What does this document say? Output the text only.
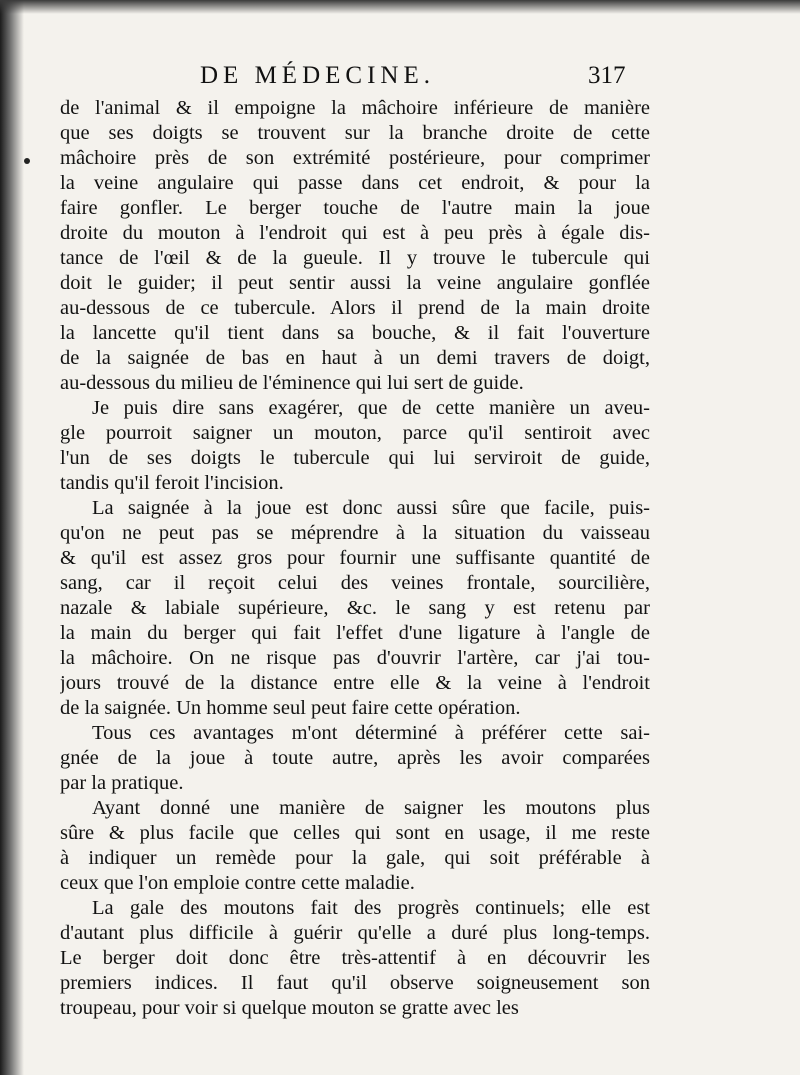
DE MÉDECINE.	317
de l'animal & il empoigne la mâchoire inférieure de manière
que ses doigts se trouvent sur la branche droite de cette
mâchoire près de son extrémité postérieure, pour comprimer
la veine angulaire qui passe dans cet endroit, & pour la
faire gonfler. Le berger touche de l'autre main la joue
droite du mouton à l'endroit qui est à peu près à égale dis-
tance de l'œil & de la gueule. Il y trouve le tubercule qui
doit le guider; il peut sentir aussi la veine angulaire gonflée
au-dessous de ce tubercule. Alors il prend de la main droite
la lancette qu'il tient dans sa bouche, & il fait l'ouverture
de la saignée de bas en haut à un demi travers de doigt,
au-dessous du milieu de l'éminence qui lui sert de guide.
Je puis dire sans exagérer, que de cette manière un aveu-
gle pourroit saigner un mouton, parce qu'il sentiroit avec
l'un de ses doigts le tubercule qui lui serviroit de guide,
tandis qu'il feroit l'incision.
La saignée à la joue est donc aussi sûre que facile, puis-
qu'on ne peut pas se méprendre à la situation du vaisseau
& qu'il est assez gros pour fournir une suffisante quantité de
sang, car il reçoit celui des veines frontale, sourcilière,
nazale & labiale supérieure, &c. le sang y est retenu par
la main du berger qui fait l'effet d'une ligature à l'angle de
la mâchoire. On ne risque pas d'ouvrir l'artère, car j'ai tou-
jours trouvé de la distance entre elle & la veine à l'endroit
de la saignée. Un homme seul peut faire cette opération.
Tous ces avantages m'ont déterminé à préférer cette sai-
gnée de la joue à toute autre, après les avoir comparées
par la pratique.
Ayant donné une manière de saigner les moutons plus
sûre & plus facile que celles qui sont en usage, il me reste
à indiquer un remède pour la gale, qui soit préférable à
ceux que l'on emploie contre cette maladie.
La gale des moutons fait des progrès continuels; elle est
d'autant plus difficile à guérir qu'elle a duré plus long-temps.
Le berger doit donc être très-attentif à en découvrir les
premiers indices. Il faut qu'il observe soigneusement son
troupeau, pour voir si quelque mouton se gratte avec les
